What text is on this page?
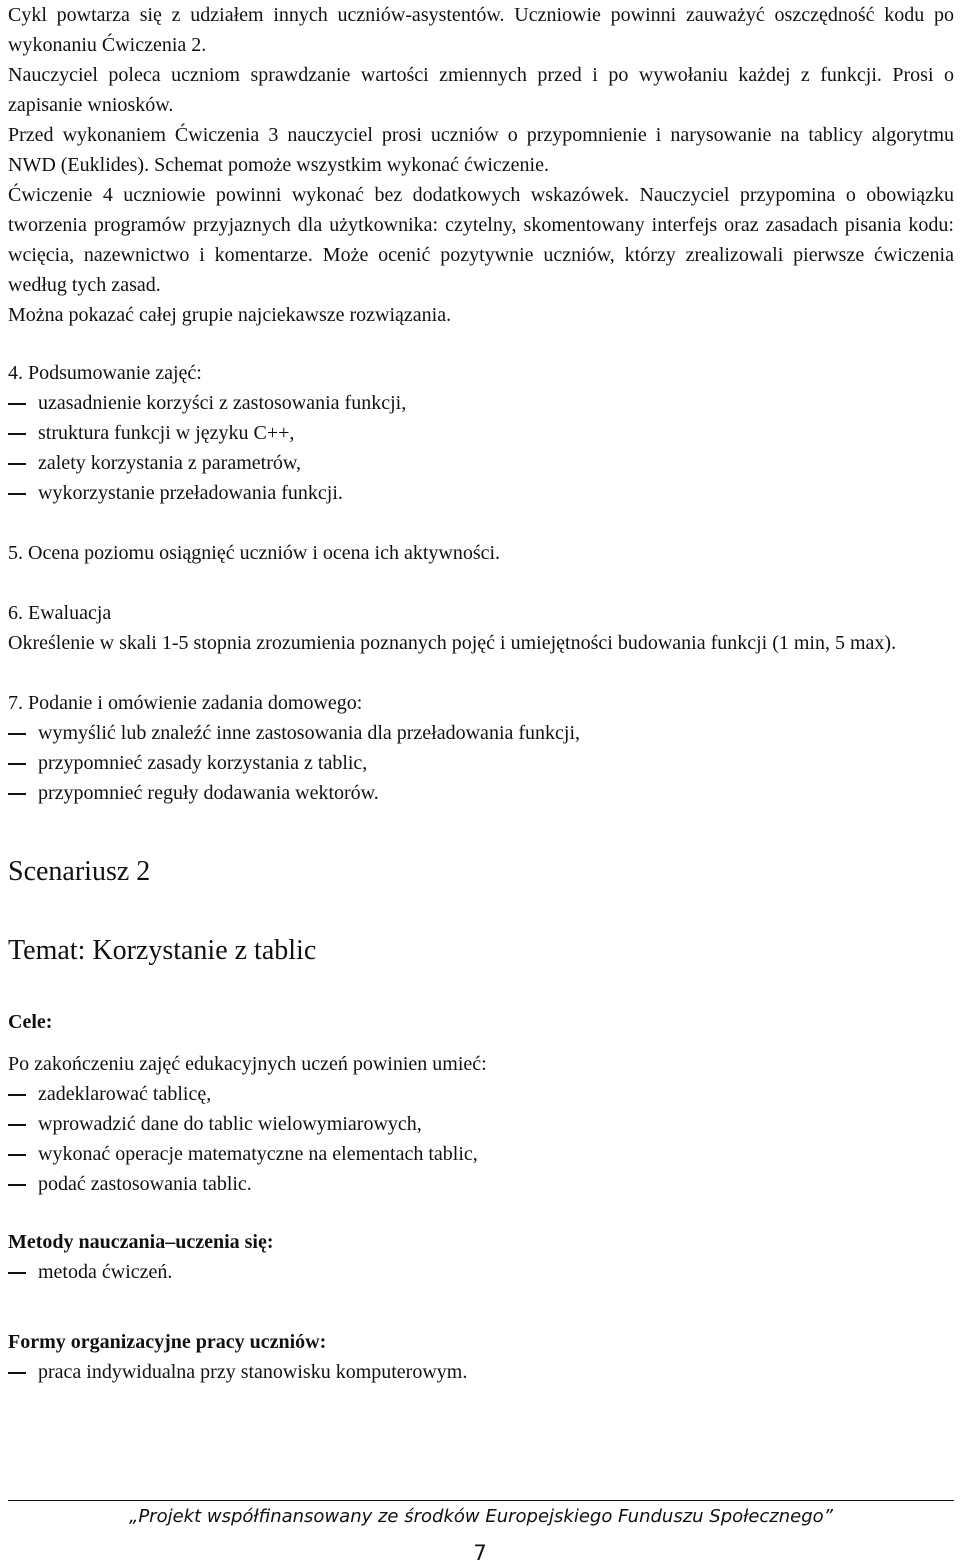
Cykl powtarza się z udziałem innych uczniów-asystentów. Uczniowie powinni zauważyć oszczędność kodu po wykonaniu Ćwiczenia 2.

Nauczyciel poleca uczniom sprawdzanie wartości zmiennych przed i po wywołaniu każdej z funkcji. Prosi o zapisanie wniosków.

Przed wykonaniem Ćwiczenia 3 nauczyciel prosi uczniów o przypomnienie i narysowanie na tablicy algorytmu NWD (Euklides). Schemat pomoże wszystkim wykonać ćwiczenie.

Ćwiczenie 4 uczniowie powinni wykonać bez dodatkowych wskazówek. Nauczyciel przypomina o obowiązku tworzenia programów przyjaznych dla użytkownika: czytelny, skomentowany interfejs oraz zasadach pisania kodu: wcięcia, nazewnictwo i komentarze. Może ocenić pozytywnie uczniów, którzy zrealizowali pierwsze ćwiczenia według tych zasad.

Można pokazać całej grupie najciekawsze rozwiązania.

4. Podsumowanie zajęć:

uzasadnienie korzyści z zastosowania funkcji,
struktura funkcji w języku C++,
zalety korzystania z parametrów,
wykorzystanie przeładowania funkcji.

5. Ocena poziomu osiągnięć uczniów i ocena ich aktywności.

6. Ewaluacja

Określenie w skali 1-5 stopnia zrozumienia poznanych pojęć i umiejętności budowania funkcji (1 min, 5 max).

7. Podanie i omówienie zadania domowego:

wymyślić lub znaleźć inne zastosowania dla przeładowania funkcji,
przypomnieć zasady korzystania z tablic,
przypomnieć reguły dodawania wektorów.

Scenariusz 2

Temat: Korzystanie z tablic

Cele:

Po zakończeniu zajęć edukacyjnych uczeń powinien umieć:

zadeklarować tablicę,
wprowadzić dane do tablic wielowymiarowych,
wykonać operacje matematyczne na elementach tablic,
podać zastosowania tablic.

Metody nauczania–uczenia się:

metoda ćwiczeń.

Formy organizacyjne pracy uczniów:

praca indywidualna przy stanowisku komputerowym.
„Projekt współfinansowany ze środków Europejskiego Funduszu Społecznego”
7
